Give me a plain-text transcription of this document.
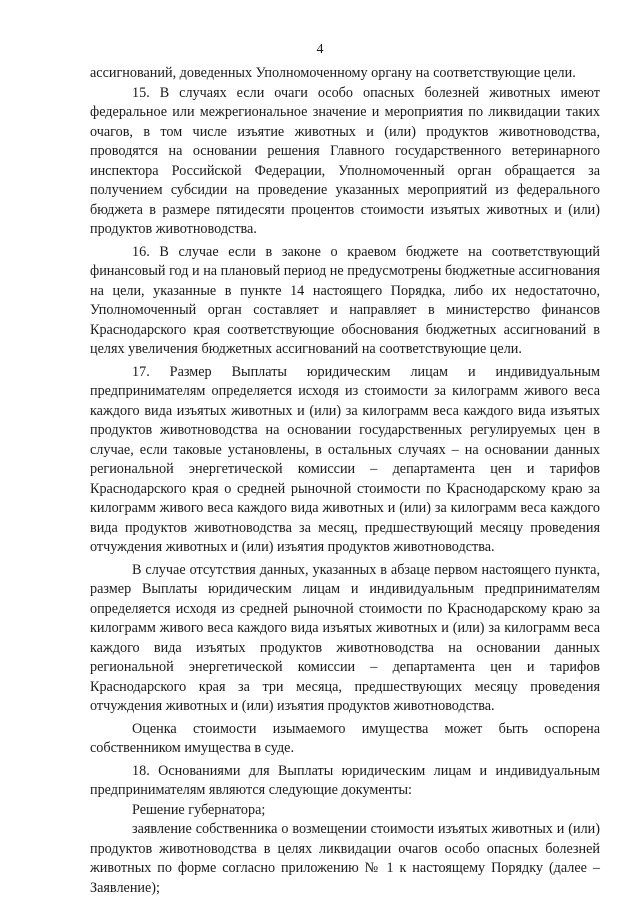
4

ассигнований, доведенных Уполномоченному органу на соответствующие цели.

15. В случаях если очаги особо опасных болезней животных имеют федеральное или межрегиональное значение и мероприятия по ликвидации таких очагов, в том числе изъятие животных и (или) продуктов животноводства, проводятся на основании решения Главного государственного ветеринарного инспектора Российской Федерации, Уполномоченный орган обращается за получением субсидии на проведение указанных мероприятий из федерального бюджета в размере пятидесяти процентов стоимости изъятых животных и (или) продуктов животноводства.

16. В случае если в законе о краевом бюджете на соответствующий финансовый год и на плановый период не предусмотрены бюджетные ассигнования на цели, указанные в пункте 14 настоящего Порядка, либо их недостаточно, Уполномоченный орган составляет и направляет в министерство финансов Краснодарского края соответствующие обоснования бюджетных ассигнований в целях увеличения бюджетных ассигнований на соответствующие цели.

17. Размер Выплаты юридическим лицам и индивидуальным предпринимателям определяется исходя из стоимости за килограмм живого веса каждого вида изъятых животных и (или) за килограмм веса каждого вида изъятых продуктов животноводства на основании государственных регулируемых цен в случае, если таковые установлены, в остальных случаях – на основании данных региональной энергетической комиссии – департамента цен и тарифов Краснодарского края о средней рыночной стоимости по Краснодарскому краю за килограмм живого веса каждого вида животных и (или) за килограмм веса каждого вида продуктов животноводства за месяц, предшествующий месяцу проведения отчуждения животных и (или) изъятия продуктов животноводства.

В случае отсутствия данных, указанных в абзаце первом настоящего пункта, размер Выплаты юридическим лицам и индивидуальным предпринимателям определяется исходя из средней рыночной стоимости по Краснодарскому краю за килограмм живого веса каждого вида изъятых животных и (или) за килограмм веса каждого вида изъятых продуктов животноводства на основании данных региональной энергетической комиссии – департамента цен и тарифов Краснодарского края за три месяца, предшествующих месяцу проведения отчуждения животных и (или) изъятия продуктов животноводства.

Оценка стоимости изымаемого имущества может быть оспорена собственником имущества в суде.

18. Основаниями для Выплаты юридическим лицам и индивидуальным предпринимателям являются следующие документы:

Решение губернатора;

заявление собственника о возмещении стоимости изъятых животных и (или) продуктов животноводства в целях ликвидации очагов особо опасных болезней животных по форме согласно приложению № 1 к настоящему Порядку (далее – Заявление);
